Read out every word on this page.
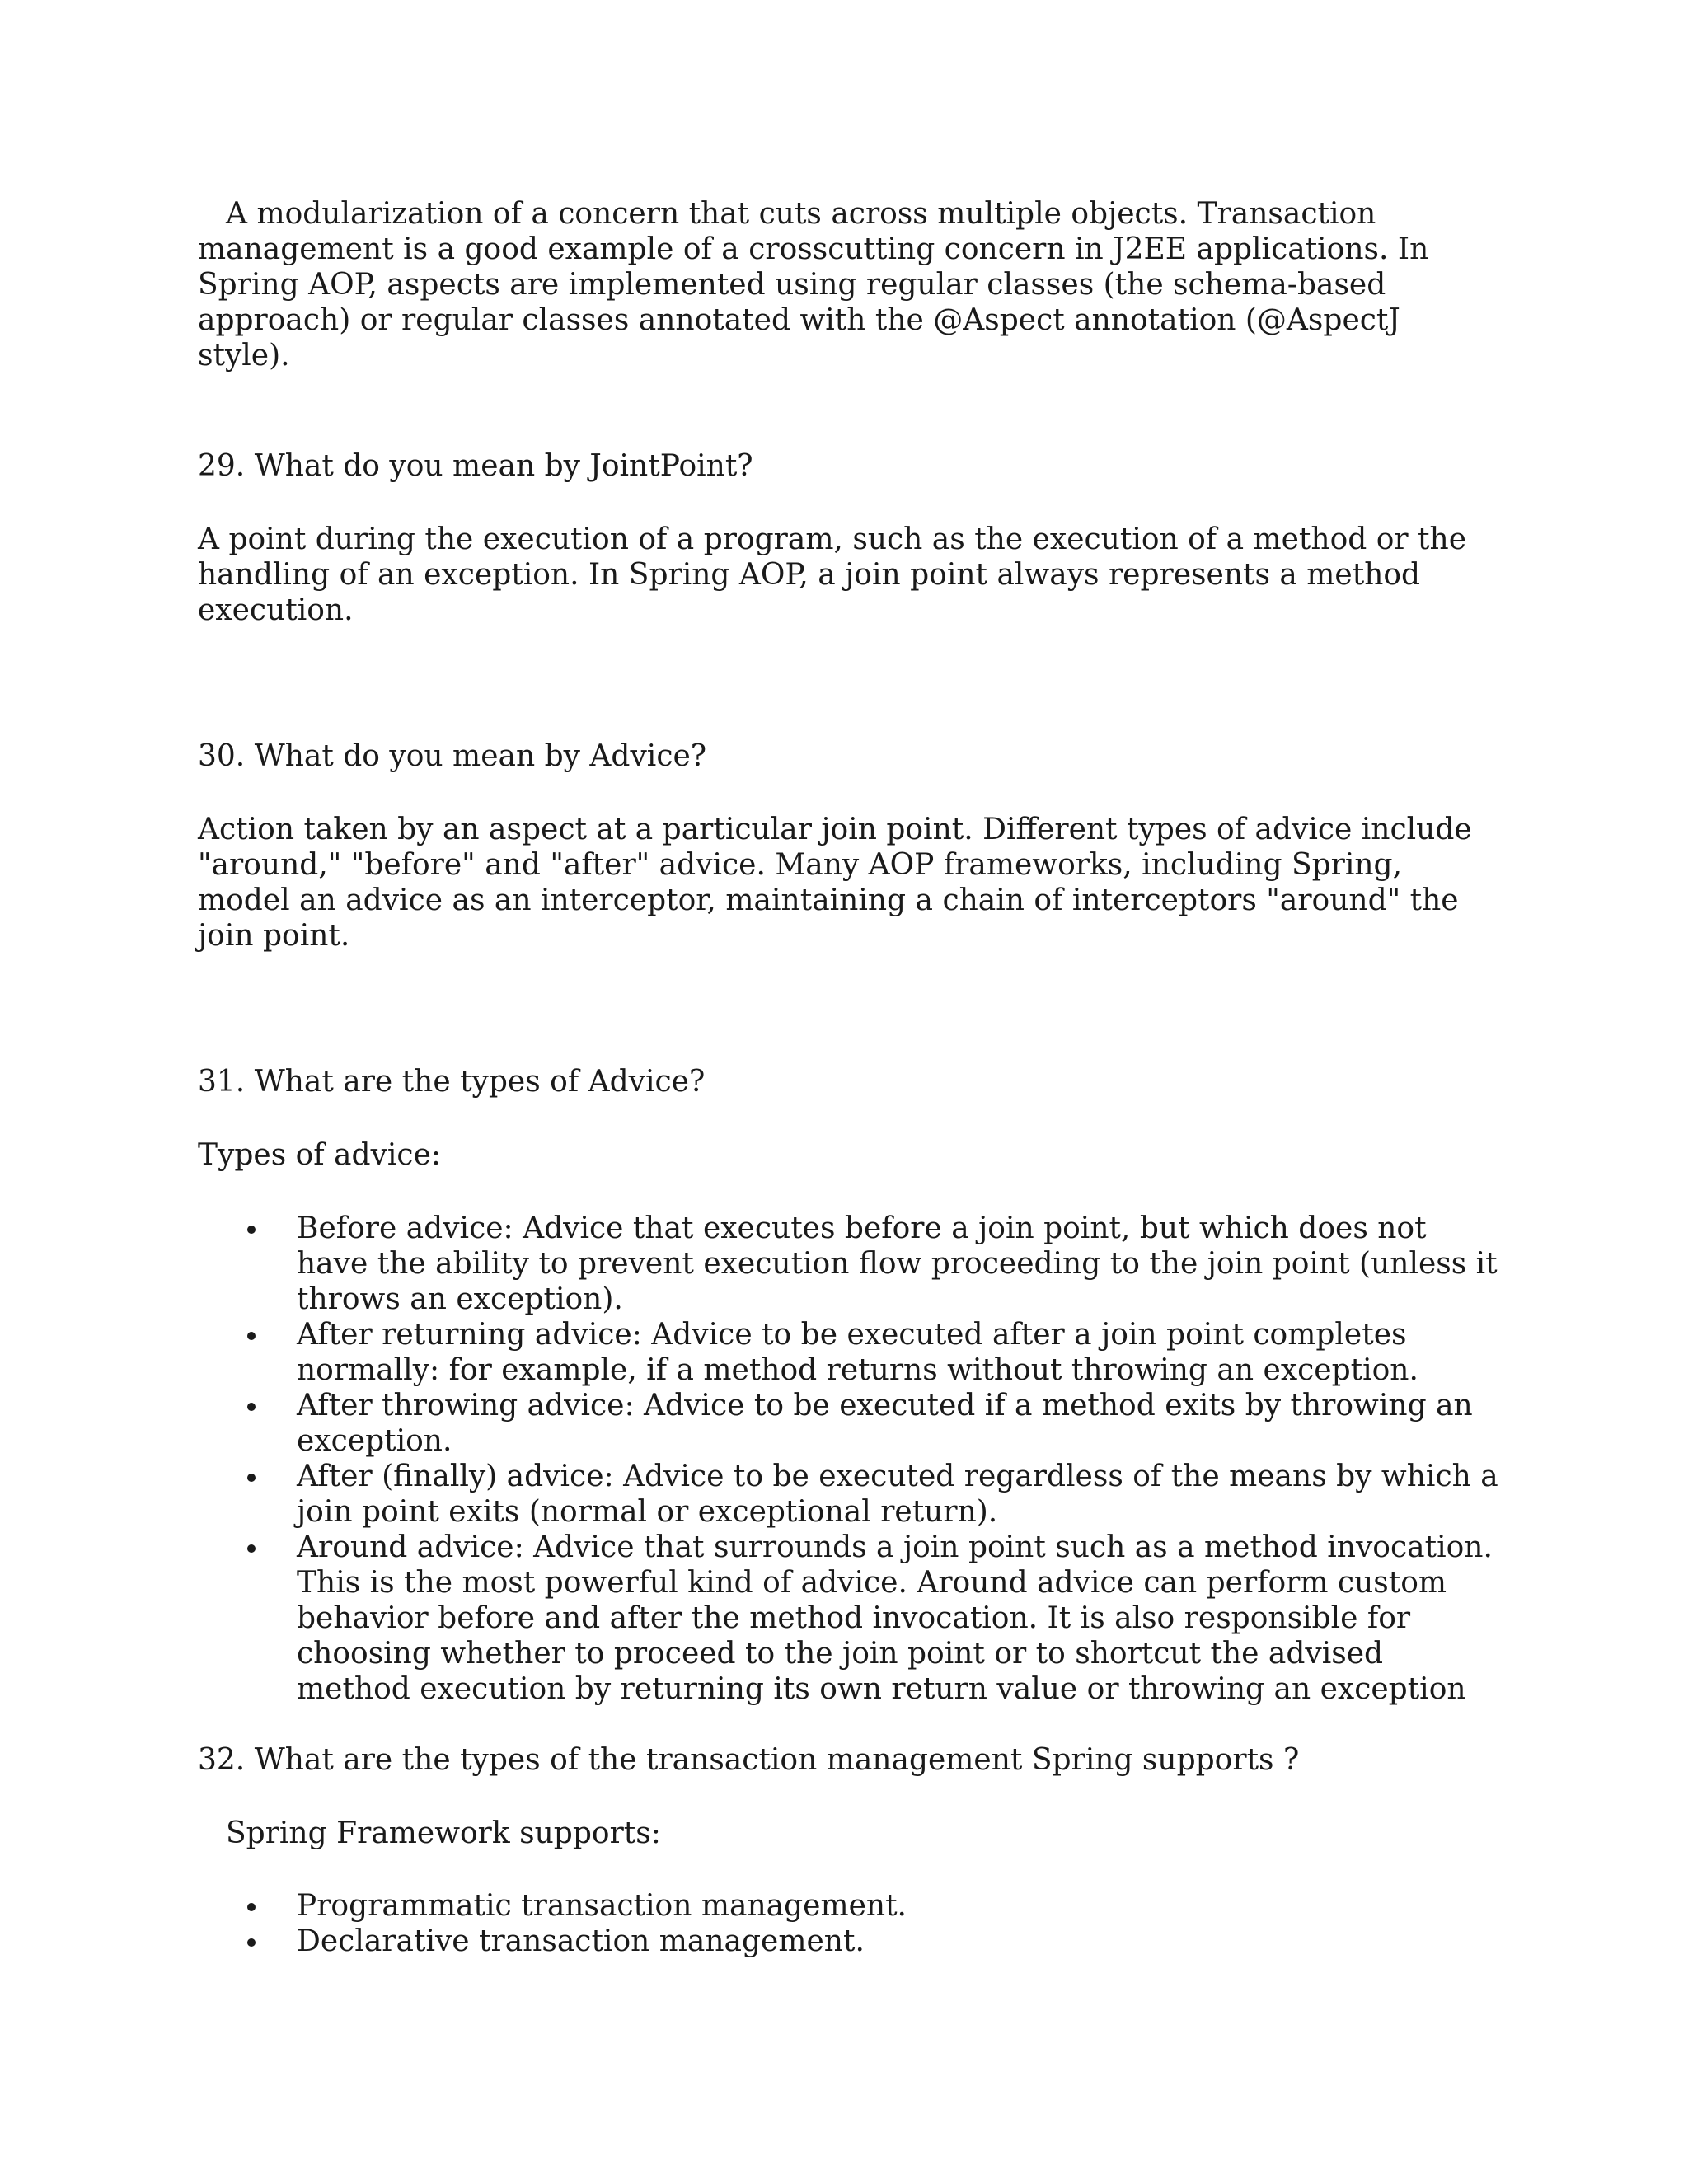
A modularization of a concern that cuts across multiple objects. Transaction management is a good example of a crosscutting concern in J2EE applications. In Spring AOP, aspects are implemented using regular classes (the schema-based approach) or regular classes annotated with the @Aspect annotation (@AspectJ style).

29. What do you mean by JointPoint?

A point during the execution of a program, such as the execution of a method or the handling of an exception. In Spring AOP, a join point always represents a method execution.

30. What do you mean by Advice?

Action taken by an aspect at a particular join point. Different types of advice include "around," "before" and "after" advice. Many AOP frameworks, including Spring, model an advice as an interceptor, maintaining a chain of interceptors "around" the join point.

31. What are the types of Advice?

Types of advice:

Before advice: Advice that executes before a join point, but which does not have the ability to prevent execution flow proceeding to the join point (unless it throws an exception).
After returning advice: Advice to be executed after a join point completes normally: for example, if a method returns without throwing an exception.
After throwing advice: Advice to be executed if a method exits by throwing an exception.
After (finally) advice: Advice to be executed regardless of the means by which a join point exits (normal or exceptional return).
Around advice: Advice that surrounds a join point such as a method invocation. This is the most powerful kind of advice. Around advice can perform custom behavior before and after the method invocation. It is also responsible for choosing whether to proceed to the join point or to shortcut the advised method execution by returning its own return value or throwing an exception

32. What are the types of the transaction management Spring supports ?

Spring Framework supports:

Programmatic transaction management.
Declarative transaction management.
